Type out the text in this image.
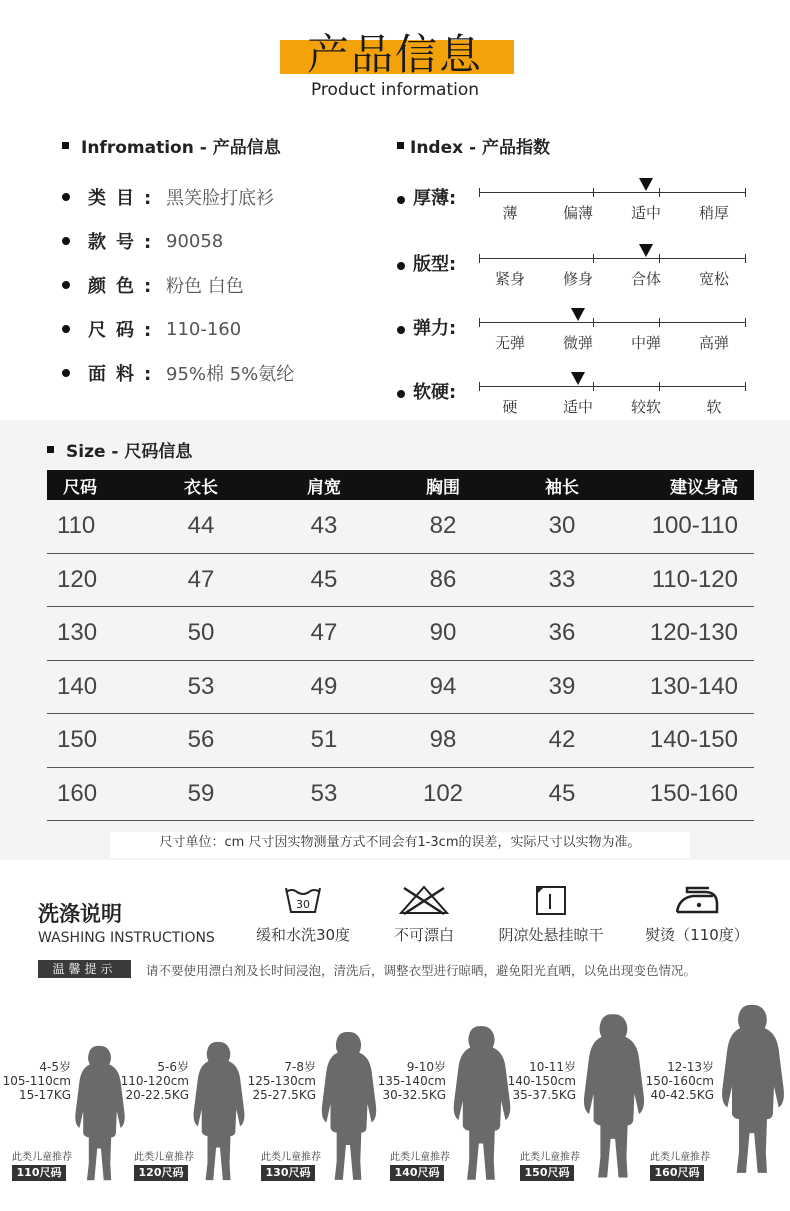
产品信息
Product information
Infromation - 产品信息	Index - 产品指数
类目: 黑笑脸打底衫
款号: 90058
颜色: 粉色 白色
尺码: 110-160
面料: 95%棉 5%氨纶
厚薄:
薄	偏薄	适中	稍厚
版型:
紧身	修身	合体	宽松
弹力:
无弹	微弹	中弹	高弹
软硬:
硬	适中	较软	软
Size - 尺码信息
尺码	衣长	肩宽	胸围	袖长	建议身高
110	44	43	82	30	100-110
120	47	45	86	33	110-120
130	50	47	90	36	120-130
140	53	49	94	39	130-140
150	56	51	98	42	140-150
160	59	53	102	45	150-160
尺寸单位：cm 尺寸因实物测量方式不同会有1-3cm的误差，实际尺寸以实物为准。
洗涤说明
WASHING INSTRUCTIONS
30
缓和水洗30度	不可漂白	阴凉处悬挂晾干	熨烫（110度）
温馨提示	请不要使用漂白剂及长时间浸泡，清洗后，调整衣型进行晾晒，避免阳光直晒，以免出现变色情况。
4-5岁
105-110cm
15-17KG
此类儿童推荐
110尺码
5-6岁
110-120cm
20-22.5KG
此类儿童推荐
120尺码
7-8岁
125-130cm
25-27.5KG
此类儿童推荐
130尺码
9-10岁
135-140cm
30-32.5KG
此类儿童推荐
140尺码
10-11岁
140-150cm
35-37.5KG
此类儿童推荐
150尺码
12-13岁
150-160cm
40-42.5KG
此类儿童推荐
160尺码
